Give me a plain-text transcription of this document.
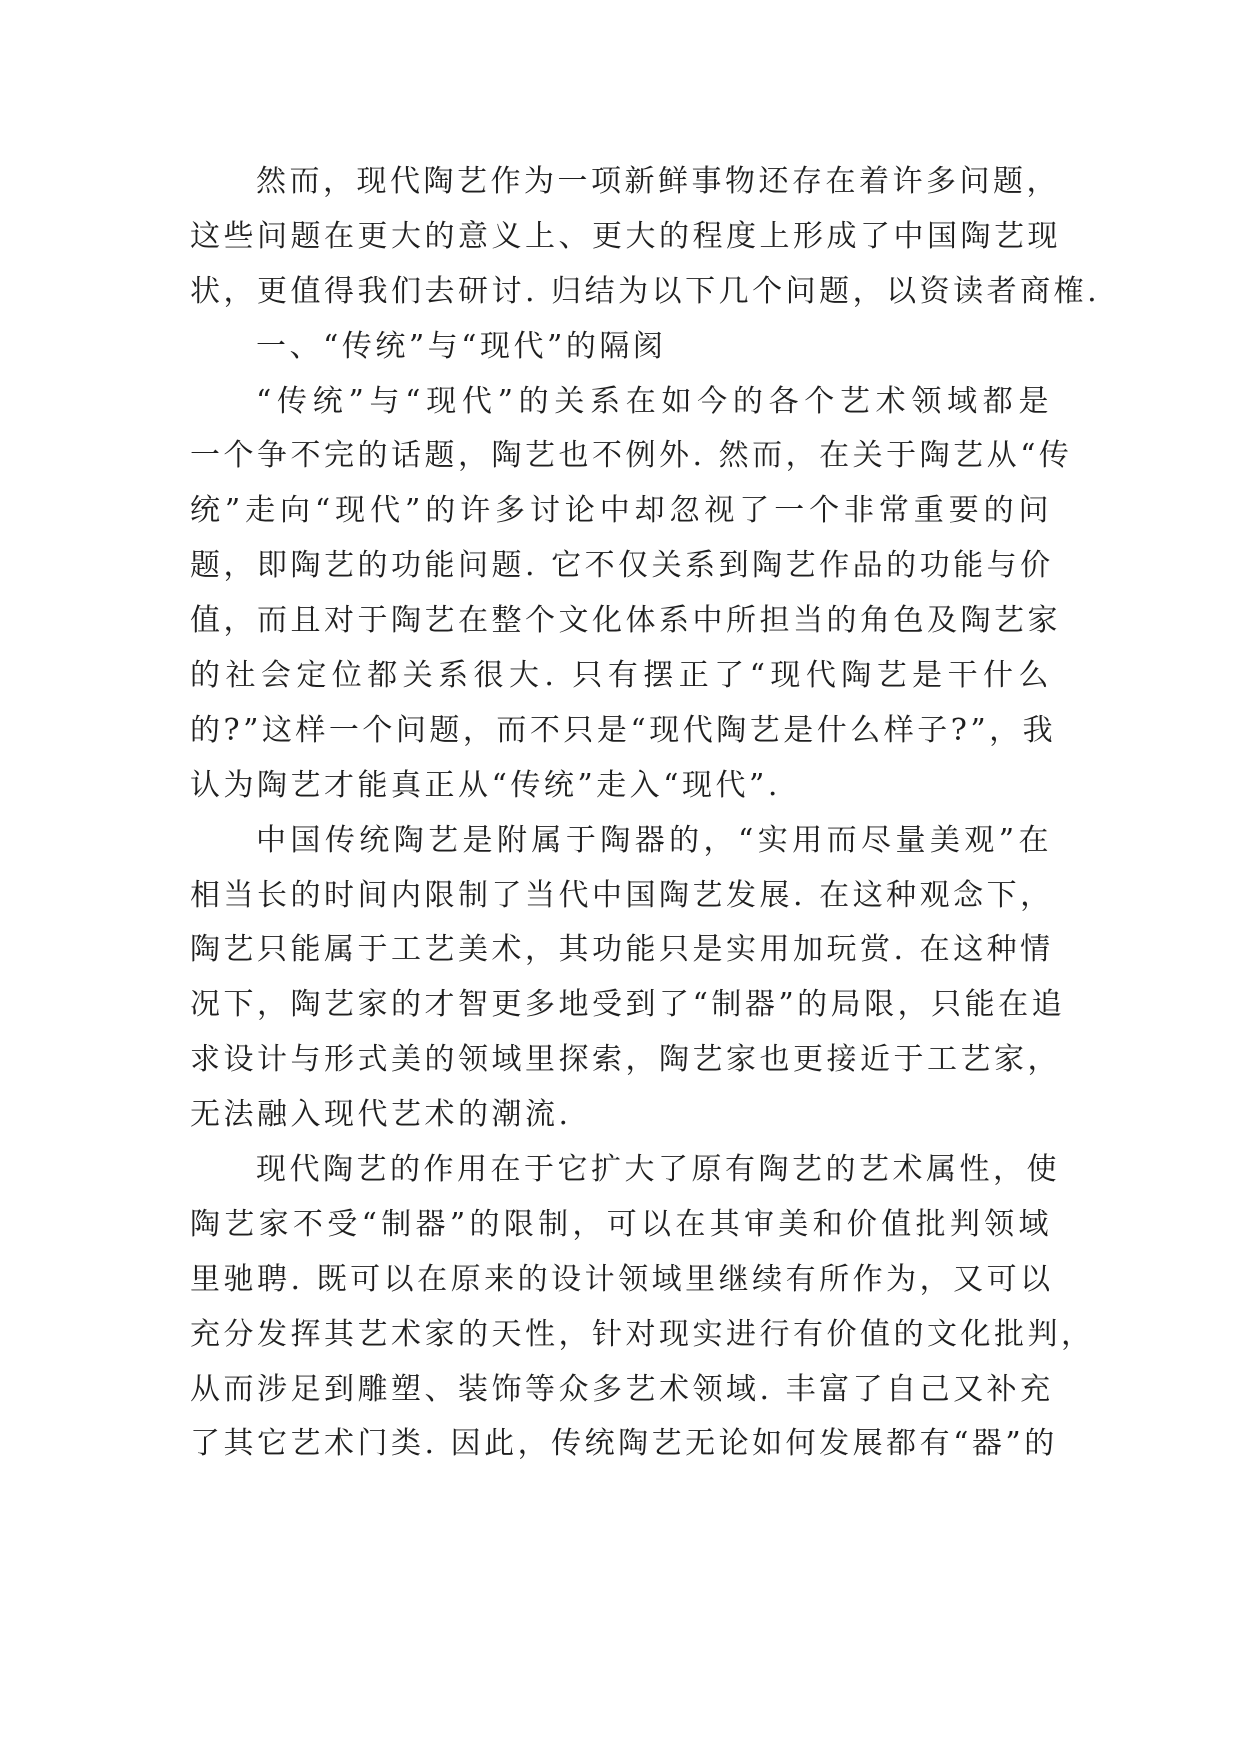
然而，现代陶艺作为一项新鲜事物还存在着许多问题，
这些问题在更大的意义上、更大的程度上形成了中国陶艺现
状，更值得我们去研讨. 归结为以下几个问题，以资读者商榷.
一、“传统”与“现代”的隔阂
“传统”与“现代”的关系在如今的各个艺术领域都是
一个争不完的话题，陶艺也不例外. 然而，在关于陶艺从“传
统”走向“现代”的许多讨论中却忽视了一个非常重要的问
题，即陶艺的功能问题. 它不仅关系到陶艺作品的功能与价
值，而且对于陶艺在整个文化体系中所担当的角色及陶艺家
的社会定位都关系很大. 只有摆正了“现代陶艺是干什么
的?”这样一个问题，而不只是“现代陶艺是什么样子?”，我
认为陶艺才能真正从“传统”走入“现代”.
中国传统陶艺是附属于陶器的，“实用而尽量美观”在
相当长的时间内限制了当代中国陶艺发展. 在这种观念下，
陶艺只能属于工艺美术，其功能只是实用加玩赏. 在这种情
况下，陶艺家的才智更多地受到了“制器”的局限，只能在追
求设计与形式美的领域里探索，陶艺家也更接近于工艺家，
无法融入现代艺术的潮流.
现代陶艺的作用在于它扩大了原有陶艺的艺术属性，使
陶艺家不受“制器”的限制，可以在其审美和价值批判领域
里驰聘. 既可以在原来的设计领域里继续有所作为，又可以
充分发挥其艺术家的天性，针对现实进行有价值的文化批判，
从而涉足到雕塑、装饰等众多艺术领域. 丰富了自己又补充
了其它艺术门类. 因此，传统陶艺无论如何发展都有“器”的
